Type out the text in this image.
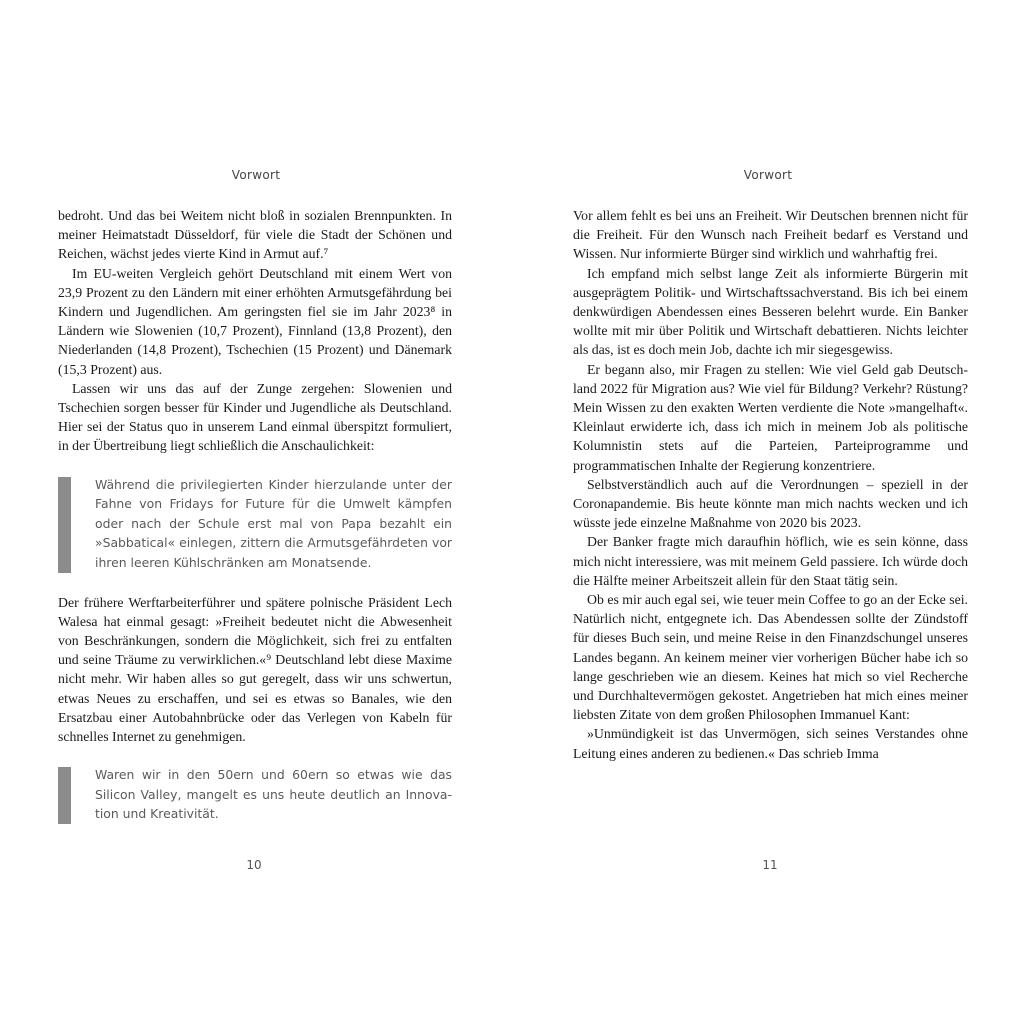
Vorwort

bedroht. Und das bei Weitem nicht bloß in sozialen Brennpunkten. In meiner Heimatstadt Düsseldorf, für viele die Stadt der Schönen und Reichen, wächst jedes vierte Kind in Armut auf.⁷

Im EU-weiten Vergleich gehört Deutschland mit einem Wert von 23,9 Prozent zu den Ländern mit einer erhöhten Armutsgefährdung bei Kindern und Jugendlichen. Am geringsten fiel sie im Jahr 2023⁸ in Ländern wie Slowenien (10,7 Prozent), Finnland (13,8 Prozent), den Niederlanden (14,8 Prozent), Tschechien (15 Prozent) und Dänemark (15,3 Prozent) aus.

Lassen wir uns das auf der Zunge zergehen: Slowenien und Tschechien sorgen besser für Kinder und Jugendliche als Deutschland. Hier sei der Status quo in unserem Land einmal überspitzt formuliert, in der Übertreibung liegt schließlich die Anschaulichkeit:

Während die privilegierten Kinder hierzulande unter der Fahne von Fridays for Future für die Umwelt kämpfen oder nach der Schule erst mal von Papa bezahlt ein »Sabbatical« einlegen, zittern die Armutsgefährdeten vor ihren leeren Kühlschränken am Monatsende.

Der frühere Werftarbeiterführer und spätere polnische Präsident Lech Walesa hat einmal gesagt: »Freiheit bedeutet nicht die Abwesenheit von Beschränkungen, sondern die Möglichkeit, sich frei zu entfalten und seine Träume zu verwirklichen.«⁹ Deutschland lebt diese Maxime nicht mehr. Wir haben alles so gut geregelt, dass wir uns schwertun, etwas Neues zu erschaffen, und sei es etwas so Banales, wie den Ersatzbau einer Autobahnbrücke oder das Verlegen von Kabeln für schnelles Internet zu genehmigen.

Waren wir in den 50ern und 60ern so etwas wie das Silicon Valley, mangelt es uns heute deutlich an Innovation und Kreativität.

10
Vorwort

Vor allem fehlt es bei uns an Freiheit. Wir Deutschen brennen nicht für die Freiheit. Für den Wunsch nach Freiheit bedarf es Verstand und Wissen. Nur informierte Bürger sind wirklich und wahrhaftig frei.

Ich empfand mich selbst lange Zeit als informierte Bürgerin mit ausgeprägtem Politik- und Wirtschaftssachverstand. Bis ich bei einem denkwürdigen Abendessen eines Besseren belehrt wurde. Ein Banker wollte mit mir über Politik und Wirtschaft debattieren. Nichts leichter als das, ist es doch mein Job, dachte ich mir siegesgewiss.

Er begann also, mir Fragen zu stellen: Wie viel Geld gab Deutschland 2022 für Migration aus? Wie viel für Bildung? Verkehr? Rüstung? Mein Wissen zu den exakten Werten verdiente die Note »mangelhaft«. Kleinlaut erwiderte ich, dass ich mich in meinem Job als politische Kolumnistin stets auf die Parteien, Parteiprogramme und programmatischen Inhalte der Regierung konzentriere.

Selbstverständlich auch auf die Verordnungen – speziell in der Coronapandemie. Bis heute könnte man mich nachts wecken und ich wüsste jede einzelne Maßnahme von 2020 bis 2023.

Der Banker fragte mich daraufhin höflich, wie es sein könne, dass mich nicht interessiere, was mit meinem Geld passiere. Ich würde doch die Hälfte meiner Arbeitszeit allein für den Staat tätig sein.

Ob es mir auch egal sei, wie teuer mein Coffee to go an der Ecke sei. Natürlich nicht, entgegnete ich. Das Abendessen sollte der Zündstoff für dieses Buch sein, und meine Reise in den Finanzdschungel unseres Landes begann. An keinem meiner vier vorherigen Bücher habe ich so lange geschrieben wie an diesem. Keines hat mich so viel Recherche und Durchhaltevermögen gekostet. Angetrieben hat mich eines meiner liebsten Zitate von dem großen Philosophen Immanuel Kant:

»Unmündigkeit ist das Unvermögen, sich seines Verstandes ohne Leitung eines anderen zu bedienen.« Das schrieb Imma

11
